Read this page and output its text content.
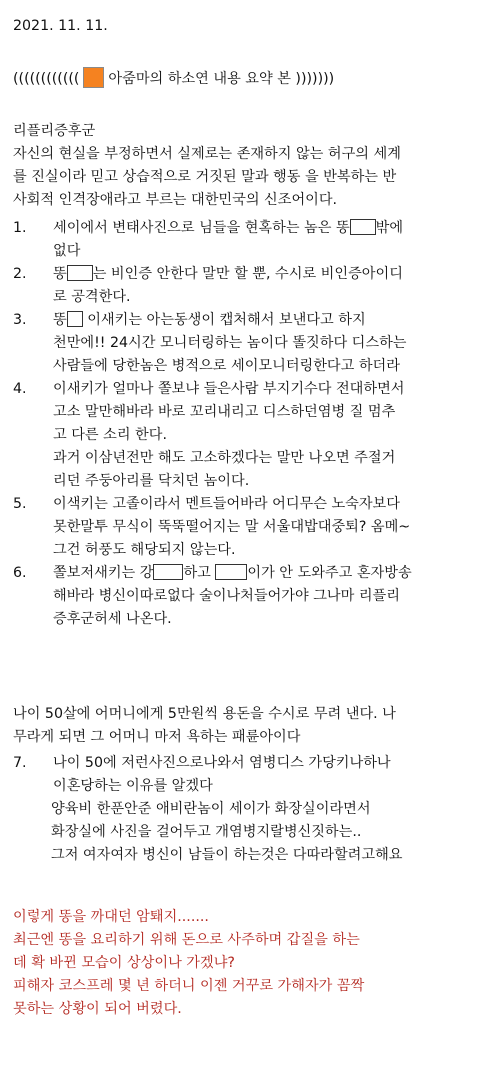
2021. 11. 11.
(((((((((((( 아줌마의 하소연 내용 요약 본 )))))))

리플리증후군

자신의 현실을 부정하면서 실제로는 존재하지 않는 허구의 세계

를 진실이라 믿고 상습적으로 거짓된 말과 행동 을 반복하는 반

사회적 인격장애라고 부르는 대한민국의 신조어이다.

1. 세이에서 변태사진으로 님들을 현혹하는 놈은 똥 밖에

없다

2. 똥 는 비인증 안한다 말만 할 뿐, 수시로 비인증아이디

로 공격한다.

3. 똥 이새키는 아는동생이 캡처해서 보낸다고 하지

천만에!! 24시간 모니터링하는 놈이다 똘짓하다 디스하는

사람들에 당한놈은 병적으로 세이모니터링한다고 하더라

4. 이새키가 얼마나 쫄보냐 들은사람 부지기수다 전대하면서

고소 말만해바라 바로 꼬리내리고 디스하던염병 질 멈추

고 다른 소리 한다.

과거 이삼년전만 해도 고소하겠다는 말만 나오면 주절거

리던 주둥아리를 닥치던 놈이다.

5. 이색키는 고졸이라서 멘트들어바라 어디무슨 노숙자보다

못한말투 무식이 뚝뚝떨어지는 말 서울대밥대중퇴? 옴메~

그건 허풍도 해당되지 않는다.

6. 쫄보저새키는 강 하고 이가 안 도와주고 혼자방송

해바라 병신이따로없다 술이나처들어가야 그나마 리플리

증후군허세 나온다.

나이 50살에 어머니에게 5만원씩 용돈을 수시로 무려 낸다. 나

무라게 되면 그 어머니 마저 욕하는 패륜아이다

7. 나이 50에 저런사진으로나와서 염병디스 가당키나하나

이혼당하는 이유를 알겠다

양육비 한푼안준 애비란놈이 세이가 화장실이라면서

화장실에 사진을 걸어두고 개염병지랄병신짓하는..

그저 여자여자 병신이 남들이 하는것은 다따라할려고해요

이렇게 똥을 까대던 암퇘지.......

최근엔 똥을 요리하기 위해 돈으로 사주하며 갑질을 하는

데 확 바뀐 모습이 상상이나 가겠냐?

피해자 코스프레 몇 년 하더니 이젠 거꾸로 가해자가 꼼짝

못하는 상황이 되어 버렸다.
